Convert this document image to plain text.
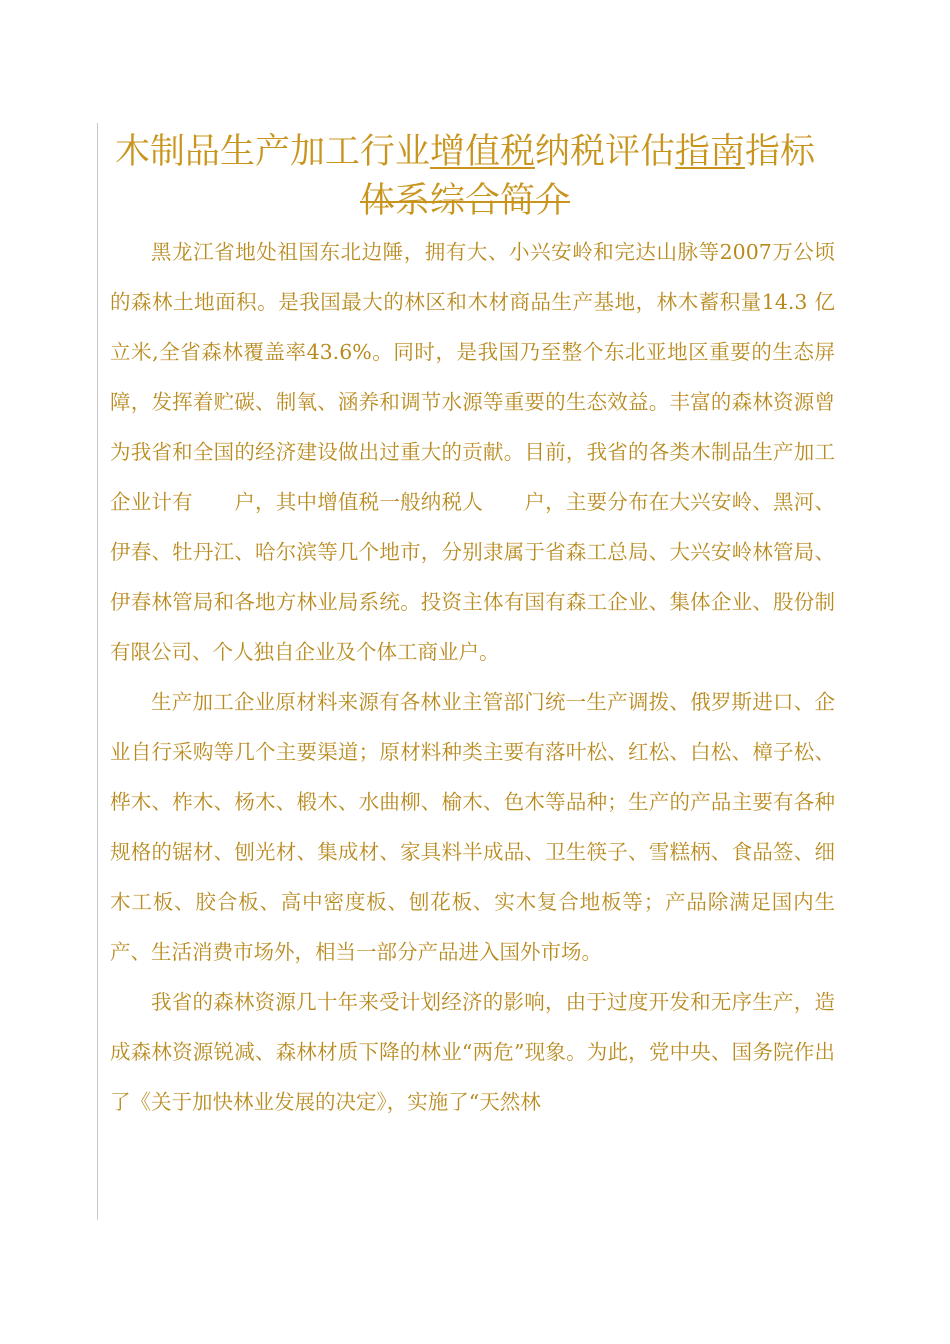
木制品生产加工行业增值税纳税评估指南指标
体系综合简介

黑龙江省地处祖国东北边陲，拥有大、小兴安岭和完达山脉等2007万公顷的森林土地面积。是我国最大的林区和木材商品生产基地，林木蓄积量14.3 亿立米,全省森林覆盖率43.6%。同时，是我国乃至整个东北亚地区重要的生态屏障，发挥着贮碳、制氧、涵养和调节水源等重要的生态效益。丰富的森林资源曾为我省和全国的经济建设做出过重大的贡献。目前，我省的各类木制品生产加工企业计有　　户，其中增值税一般纳税人　　户，主要分布在大兴安岭、黑河、伊春、牡丹江、哈尔滨等几个地市，分别隶属于省森工总局、大兴安岭林管局、伊春林管局和各地方林业局系统。投资主体有国有森工企业、集体企业、股份制有限公司、个人独自企业及个体工商业户。

生产加工企业原材料来源有各林业主管部门统一生产调拨、俄罗斯进口、企业自行采购等几个主要渠道；原材料种类主要有落叶松、红松、白松、樟子松、桦木、柞木、杨木、椴木、水曲柳、榆木、色木等品种；生产的产品主要有各种规格的锯材、刨光材、集成材、家具料半成品、卫生筷子、雪糕柄、食品签、细木工板、胶合板、高中密度板、刨花板、实木复合地板等；产品除满足国内生产、生活消费市场外，相当一部分产品进入国外市场。

我省的森林资源几十年来受计划经济的影响，由于过度开发和无序生产，造成森林资源锐减、森林材质下降的林业“两危”现象。为此，党中央、国务院作出了《关于加快林业发展的决定》，实施了“天然林
